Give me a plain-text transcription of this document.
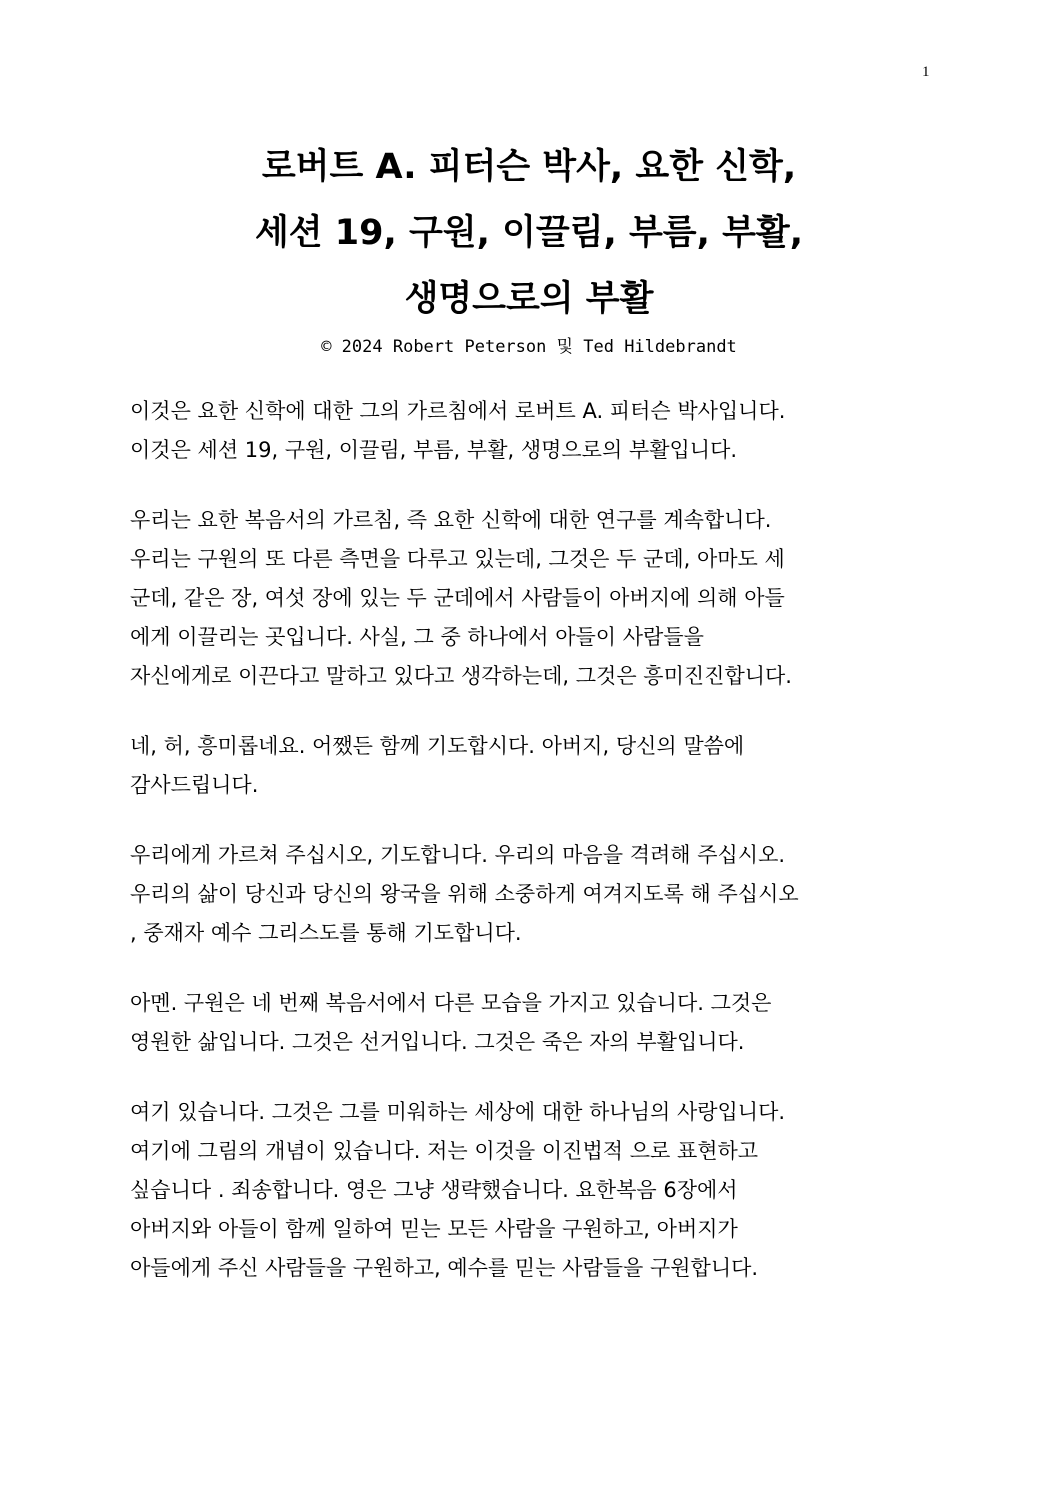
1
로버트 A. 피터슨 박사, 요한 신학,
세션 19, 구원, 이끌림, 부름, 부활,
생명으로의 부활
© 2024 Robert Peterson 및 Ted Hildebrandt
이것은 요한 신학에 대한 그의 가르침에서 로버트 A. 피터슨 박사입니다.
이것은 세션 19, 구원, 이끌림, 부름, 부활, 생명으로의 부활입니다.
우리는 요한 복음서의 가르침, 즉 요한 신학에 대한 연구를 계속합니다.
우리는 구원의 또 다른 측면을 다루고 있는데, 그것은 두 군데, 아마도 세
군데, 같은 장, 여섯 장에 있는 두 군데에서 사람들이 아버지에 의해 아들
에게 이끌리는 곳입니다. 사실, 그 중 하나에서 아들이 사람들을
자신에게로 이끈다고 말하고 있다고 생각하는데, 그것은 흥미진진합니다.
네, 허, 흥미롭네요. 어쨌든 함께 기도합시다. 아버지, 당신의 말씀에
감사드립니다.
우리에게 가르쳐 주십시오, 기도합니다. 우리의 마음을 격려해 주십시오.
우리의 삶이 당신과 당신의 왕국을 위해 소중하게 여겨지도록 해 주십시오
, 중재자 예수 그리스도를 통해 기도합니다.
아멘. 구원은 네 번째 복음서에서 다른 모습을 가지고 있습니다. 그것은
영원한 삶입니다. 그것은 선거입니다. 그것은 죽은 자의 부활입니다.
여기 있습니다. 그것은 그를 미워하는 세상에 대한 하나님의 사랑입니다.
여기에 그림의 개념이 있습니다. 저는 이것을 이진법적 으로 표현하고
싶습니다 . 죄송합니다. 영은 그냥 생략했습니다. 요한복음 6장에서
아버지와 아들이 함께 일하여 믿는 모든 사람을 구원하고, 아버지가
아들에게 주신 사람들을 구원하고, 예수를 믿는 사람들을 구원합니다.
